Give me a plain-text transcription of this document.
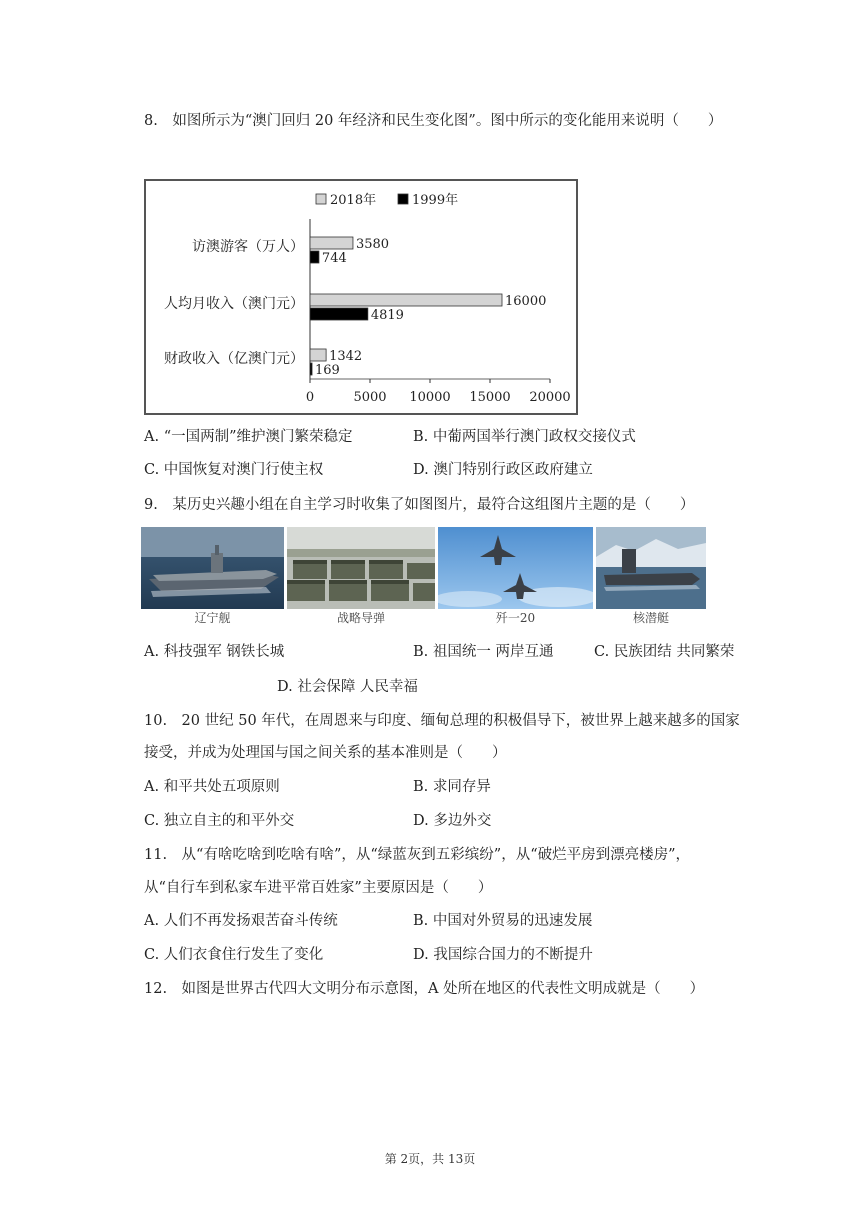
8.　如图所示为“澳门回归 20 年经济和民生变化图”。图中所示的变化能用来说明（　　）
2018年	1999年
访澳游客（万人）	3580
744
人均月收入（澳门元）	16000
4819
财政收入（亿澳门元） 1342
169
0	5000 10000 15000 20000
A. “一国两制”维护澳门繁荣稳定	B. 中葡两国举行澳门政权交接仪式
C. 中国恢复对澳门行使主权	D. 澳门特别行政区政府建立
9.　某历史兴趣小组在自主学习时收集了如图图片，最符合这组图片主题的是（　　）
辽宁舰	战略导弹	歼一20	核潜艇
A. 科技强军 钢铁长城	B. 祖国统一 两岸互通	C. 民族团结 共同繁荣
D. 社会保障 人民幸福
10.　20 世纪 50 年代，在周恩来与印度、缅甸总理的积极倡导下，被世界上越来越多的国家
接受，并成为处理国与国之间关系的基本准则是（　　）
A. 和平共处五项原则	B. 求同存异
C. 独立自主的和平外交	D. 多边外交
11.　从“有啥吃啥到吃啥有啥”，从“绿蓝灰到五彩缤纷”，从“破烂平房到漂亮楼房”，
从“自行车到私家车进平常百姓家”主要原因是（　　）
A. 人们不再发扬艰苦奋斗传统	B. 中国对外贸易的迅速发展
C. 人们衣食住行发生了变化	D. 我国综合国力的不断提升
12.　如图是世界古代四大文明分布示意图，A 处所在地区的代表性文明成就是（　　）
第 2页，共 13页
